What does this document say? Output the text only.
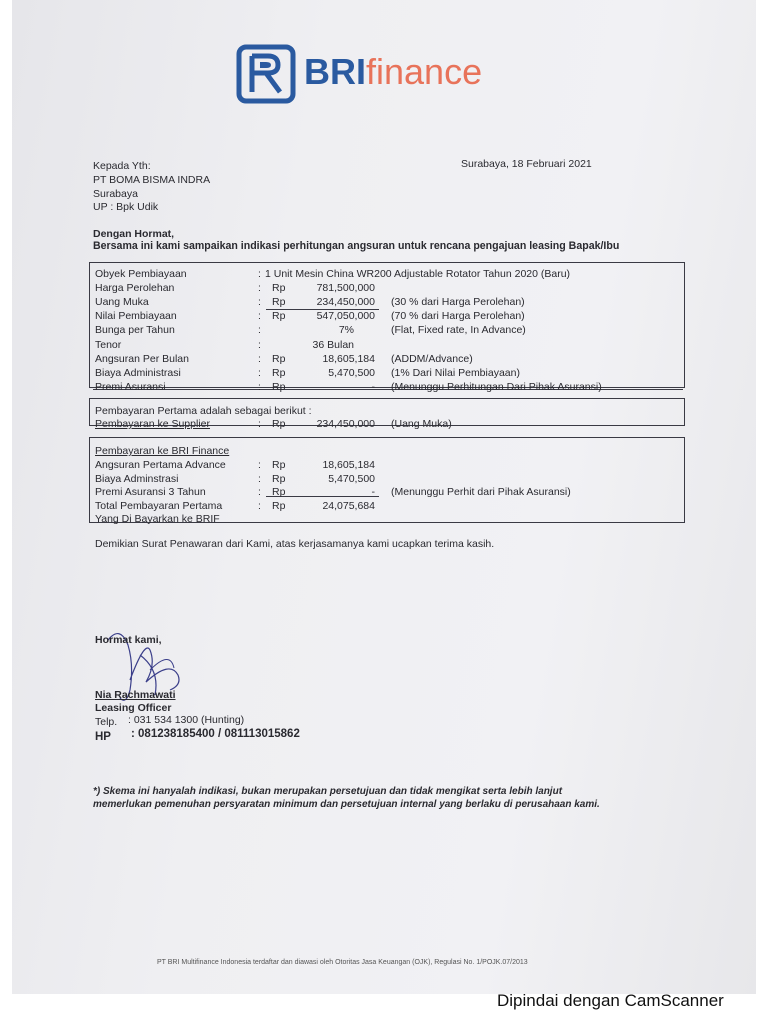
BRIfinance
Kepada Yth:
PT BOMA BISMA INDRA
Surabaya
UP : Bpk Udik
Surabaya, 18 Februari 2021
Dengan Hormat,
Bersama ini kami sampaikan indikasi perhitungan angsuran untuk rencana pengajuan leasing Bapak/Ibu
Obyek Pembiayaan	: 1 Unit Mesin China WR200 Adjustable Rotator Tahun 2020 (Baru)
Harga Perolehan	: Rp	781,500,000
Uang Muka	: Rp	234,450,000 (30 % dari Harga Perolehan)
Nilai Pembiayaan	: Rp	547,050,000 (70 % dari Harga Perolehan)
Bunga per Tahun	:	7%	(Flat, Fixed rate, In Advance)
Tenor	:	36 Bulan
Angsuran Per Bulan	: Rp	18,605,184 (ADDM/Advance)
Biaya Administrasi	: Rp	5,470,500 (1% Dari Nilai Pembiayaan)
Premi Asuransi	: Rp	- (Menunggu Perhitungan Dari Pihak Asuransi)
Pembayaran Pertama adalah sebagai berikut :
Pembayaran ke Supplier	: Rp	234,450,000 (Uang Muka)
Pembayaran ke BRI Finance
Angsuran Pertama Advance	: Rp	18,605,184
Biaya Adminstrasi	: Rp	5,470,500
Premi Asuransi 3 Tahun	: Rp	- (Menunggu Perhit dari Pihak Asuransi)
Total Pembayaran Pertama	: Rp	24,075,684
Yang Di Bayarkan ke BRIF
Demikian Surat Penawaran dari Kami, atas kerjasamanya kami ucapkan terima kasih.
Hormat kami,
Nia Rachmawati
Leasing Officer
Telp. : 031 534 1300 (Hunting)
HP : 081238185400 / 081113015862
*) Skema ini hanyalah indikasi, bukan merupakan persetujuan dan tidak mengikat serta lebih lanjut
memerlukan pemenuhan persyaratan minimum dan persetujuan internal yang berlaku di perusahaan kami.
PT BRI Multifinance Indonesia terdaftar dan diawasi oleh Otoritas Jasa Keuangan (OJK), Regulasi No. 1/POJK.07/2013
Dipindai dengan CamScanner
